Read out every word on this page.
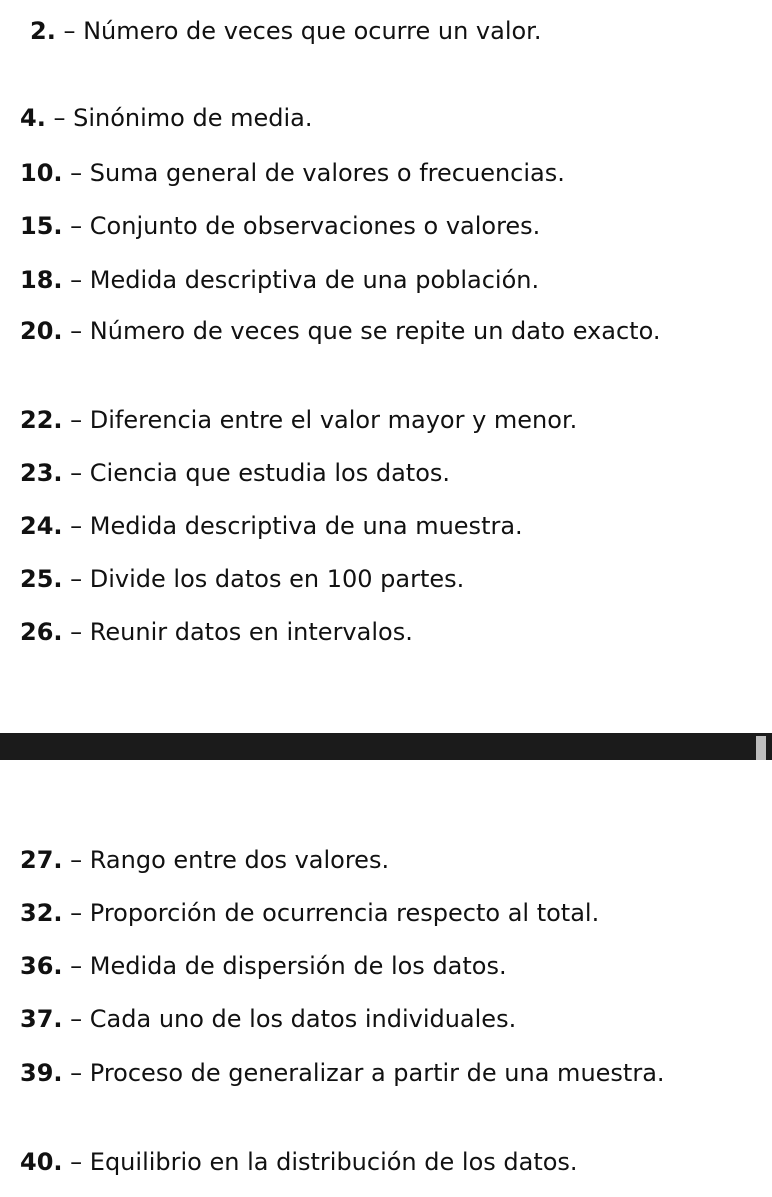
2. – Número de veces que ocurre un valor.

4. – Sinónimo de media.

10. – Suma general de valores o frecuencias.

15. – Conjunto de observaciones o valores.

18. – Medida descriptiva de una población.

20. – Número de veces que se repite un dato exacto.

22. – Diferencia entre el valor mayor y menor.

23. – Ciencia que estudia los datos.

24. – Medida descriptiva de una muestra.

25. – Divide los datos en 100 partes.

26. – Reunir datos en intervalos.

27. – Rango entre dos valores.

32. – Proporción de ocurrencia respecto al total.

36. – Medida de dispersión de los datos.

37. – Cada uno de los datos individuales.

39. – Proceso de generalizar a partir de una muestra.

40. – Equilibrio en la distribución de los datos.
